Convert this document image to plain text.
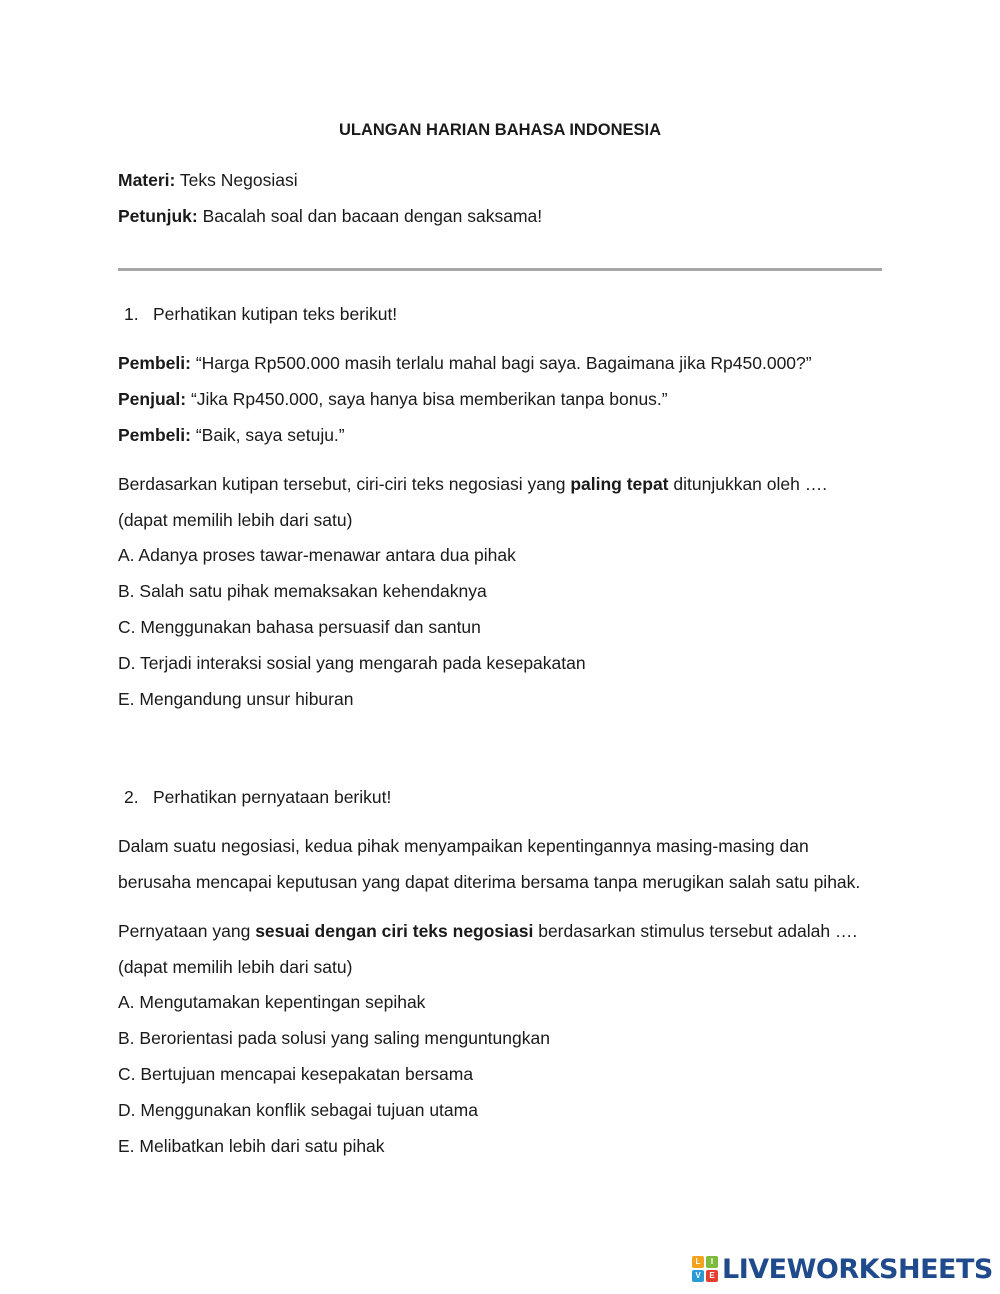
ULANGAN HARIAN BAHASA INDONESIA
Materi: Teks Negosiasi
Petunjuk: Bacalah soal dan bacaan dengan saksama!
1. Perhatikan kutipan teks berikut!
Pembeli: “Harga Rp500.000 masih terlalu mahal bagi saya. Bagaimana jika Rp450.000?”
Penjual: “Jika Rp450.000, saya hanya bisa memberikan tanpa bonus.”
Pembeli: “Baik, saya setuju.”
Berdasarkan kutipan tersebut, ciri-ciri teks negosiasi yang paling tepat ditunjukkan oleh ….
(dapat memilih lebih dari satu)
A. Adanya proses tawar-menawar antara dua pihak
B. Salah satu pihak memaksakan kehendaknya
C. Menggunakan bahasa persuasif dan santun
D. Terjadi interaksi sosial yang mengarah pada kesepakatan
E. Mengandung unsur hiburan
2. Perhatikan pernyataan berikut!
Dalam suatu negosiasi, kedua pihak menyampaikan kepentingannya masing-masing dan
berusaha mencapai keputusan yang dapat diterima bersama tanpa merugikan salah satu pihak.
Pernyataan yang sesuai dengan ciri teks negosiasi berdasarkan stimulus tersebut adalah ….
(dapat memilih lebih dari satu)
A. Mengutamakan kepentingan sepihak
B. Berorientasi pada solusi yang saling menguntungkan
C. Bertujuan mencapai kesepakatan bersama
D. Menggunakan konflik sebagai tujuan utama
E. Melibatkan lebih dari satu pihak
L	I
V	E LIVEWORKSHEETS
